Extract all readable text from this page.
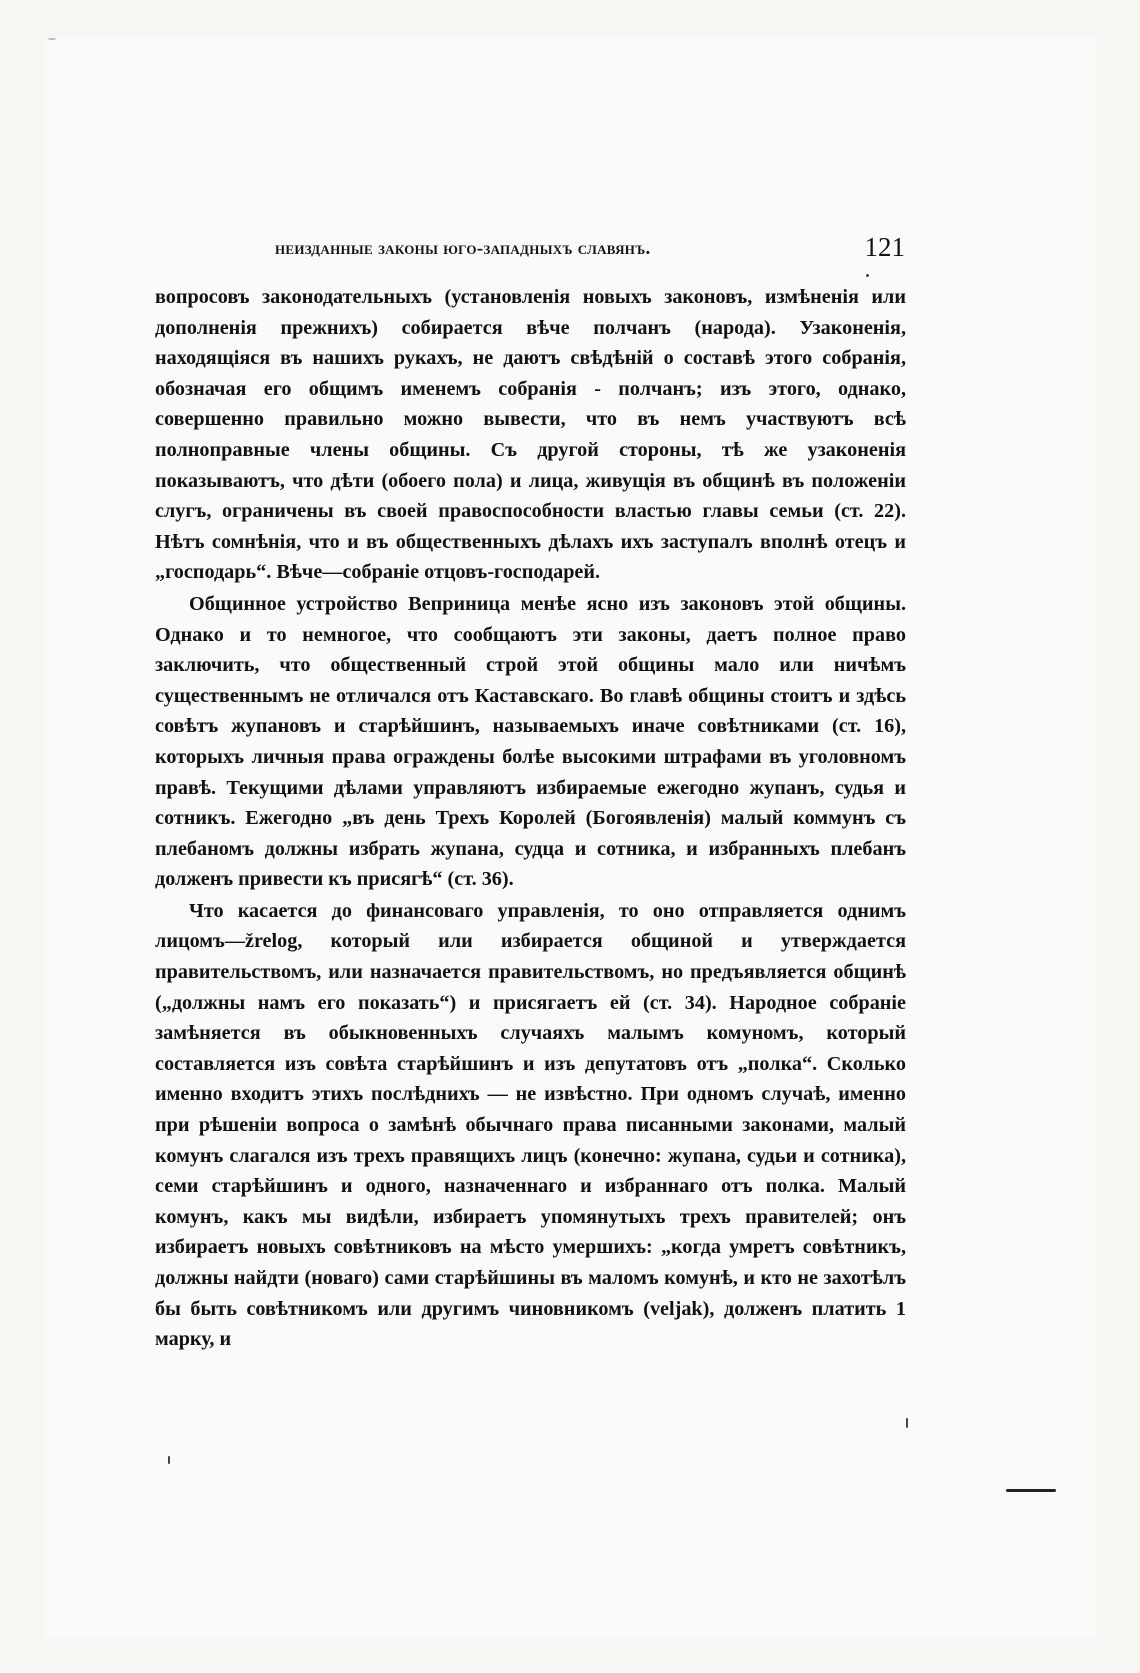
неизданные законы юго-западныхъ славянъ.	121

вопросовъ законодательныхъ (установленія новыхъ законовъ, измѣненія или дополненія прежнихъ) собирается вѣче полчанъ (народа). Узаконенія, находящіяся въ нашихъ рукахъ, не даютъ свѣдѣній о составѣ этого собранія, обозначая его общимъ именемъ собранія - полчанъ; изъ этого, однако, совершенно правильно можно вывести, что въ немъ участвуютъ всѣ полноправные члены общины. Съ другой стороны, тѣ же узаконенія показываютъ, что дѣти (обоего пола) и лица, живущія въ общинѣ въ положеніи слугъ, ограничены въ своей правоспособности властью главы семьи (ст. 22). Нѣтъ сомнѣнія, что и въ общественныхъ дѣлахъ ихъ заступалъ вполнѣ отецъ и „господарь“. Вѣче—собраніе отцовъ-господарей.

Общинное устройство Веприница менѣе ясно изъ законовъ этой общины. Однако и то немногое, что сообщаютъ эти законы, даетъ полное право заключить, что общественный строй этой общины мало или ничѣмъ существеннымъ не отличался отъ Каставскаго. Во главѣ общины стоитъ и здѣсь совѣтъ жупановъ и старѣйшинъ, называемыхъ иначе совѣтниками (ст. 16), которыхъ личныя права ограждены болѣе высокими штрафами въ уголовномъ правѣ. Текущими дѣлами управляютъ избираемые ежегодно жупанъ, судья и сотникъ. Ежегодно „въ день Трехъ Королей (Богоявленія) малый коммунъ съ плебаномъ должны избрать жупана, судца и сотника, и избранныхъ плебанъ долженъ привести къ присягѣ“ (ст. 36).

Что касается до финансоваго управленія, то оно отправляется однимъ лицомъ—žrelog, который или избирается общиной и утверждается правительствомъ, или назначается правительствомъ, но предъявляется общинѣ („должны намъ его показать“) и присягаетъ ей (ст. 34). Народное собраніе замѣняется въ обыкновенныхъ случаяхъ малымъ комуномъ, который составляется изъ совѣта старѣйшинъ и изъ депутатовъ отъ „полка“. Сколько именно входитъ этихъ послѣднихъ — не извѣстно. При одномъ случаѣ, именно при рѣшеніи вопроса о замѣнѣ обычнаго права писанными законами, малый комунъ слагался изъ трехъ правящихъ лицъ (конечно: жупана, судьи и сотника), семи старѣйшинъ и одного, назначеннаго и избраннаго отъ полка. Малый комунъ, какъ мы видѣли, избираетъ упомянутыхъ трехъ правителей; онъ избираетъ новыхъ совѣтниковъ на мѣсто умершихъ: „когда умретъ совѣтникъ, должны найдти (новаго) сами старѣйшины въ маломъ комунѣ, и кто не захотѣлъ бы быть совѣтникомъ или другимъ чиновникомъ (veljak), долженъ платить 1 марку, и
